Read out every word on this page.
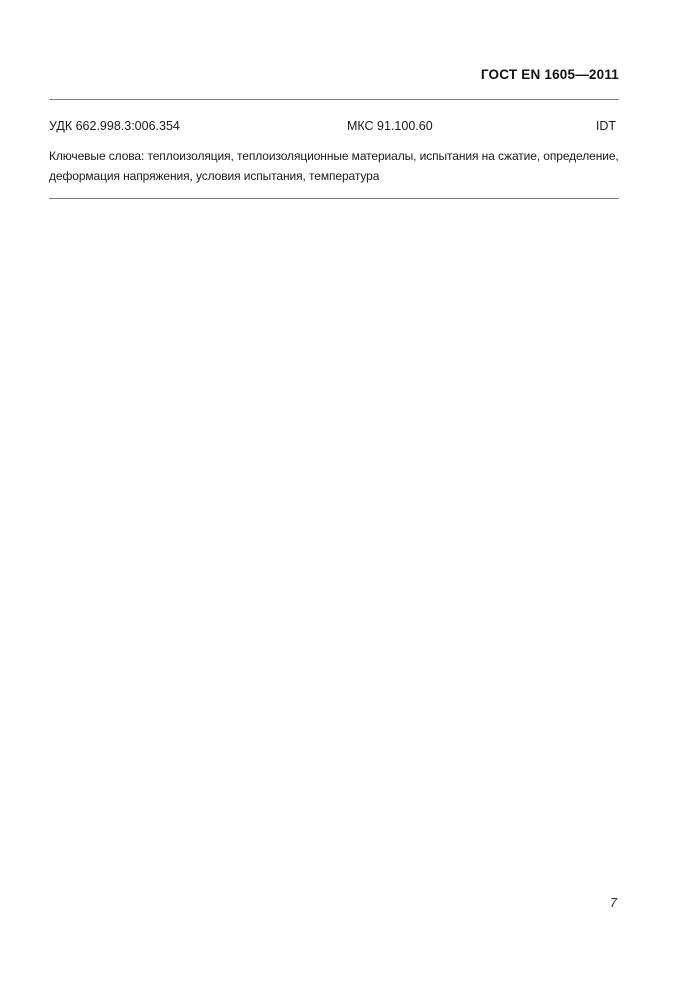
ГОСТ EN 1605—2011
УДК 662.998.3:006.354	МКС 91.100.60	IDT

Ключевые слова: теплоизоляция, теплоизоляционные материалы, испытания на сжатие, определение, деформация напряжения, условия испытания, температура

7
